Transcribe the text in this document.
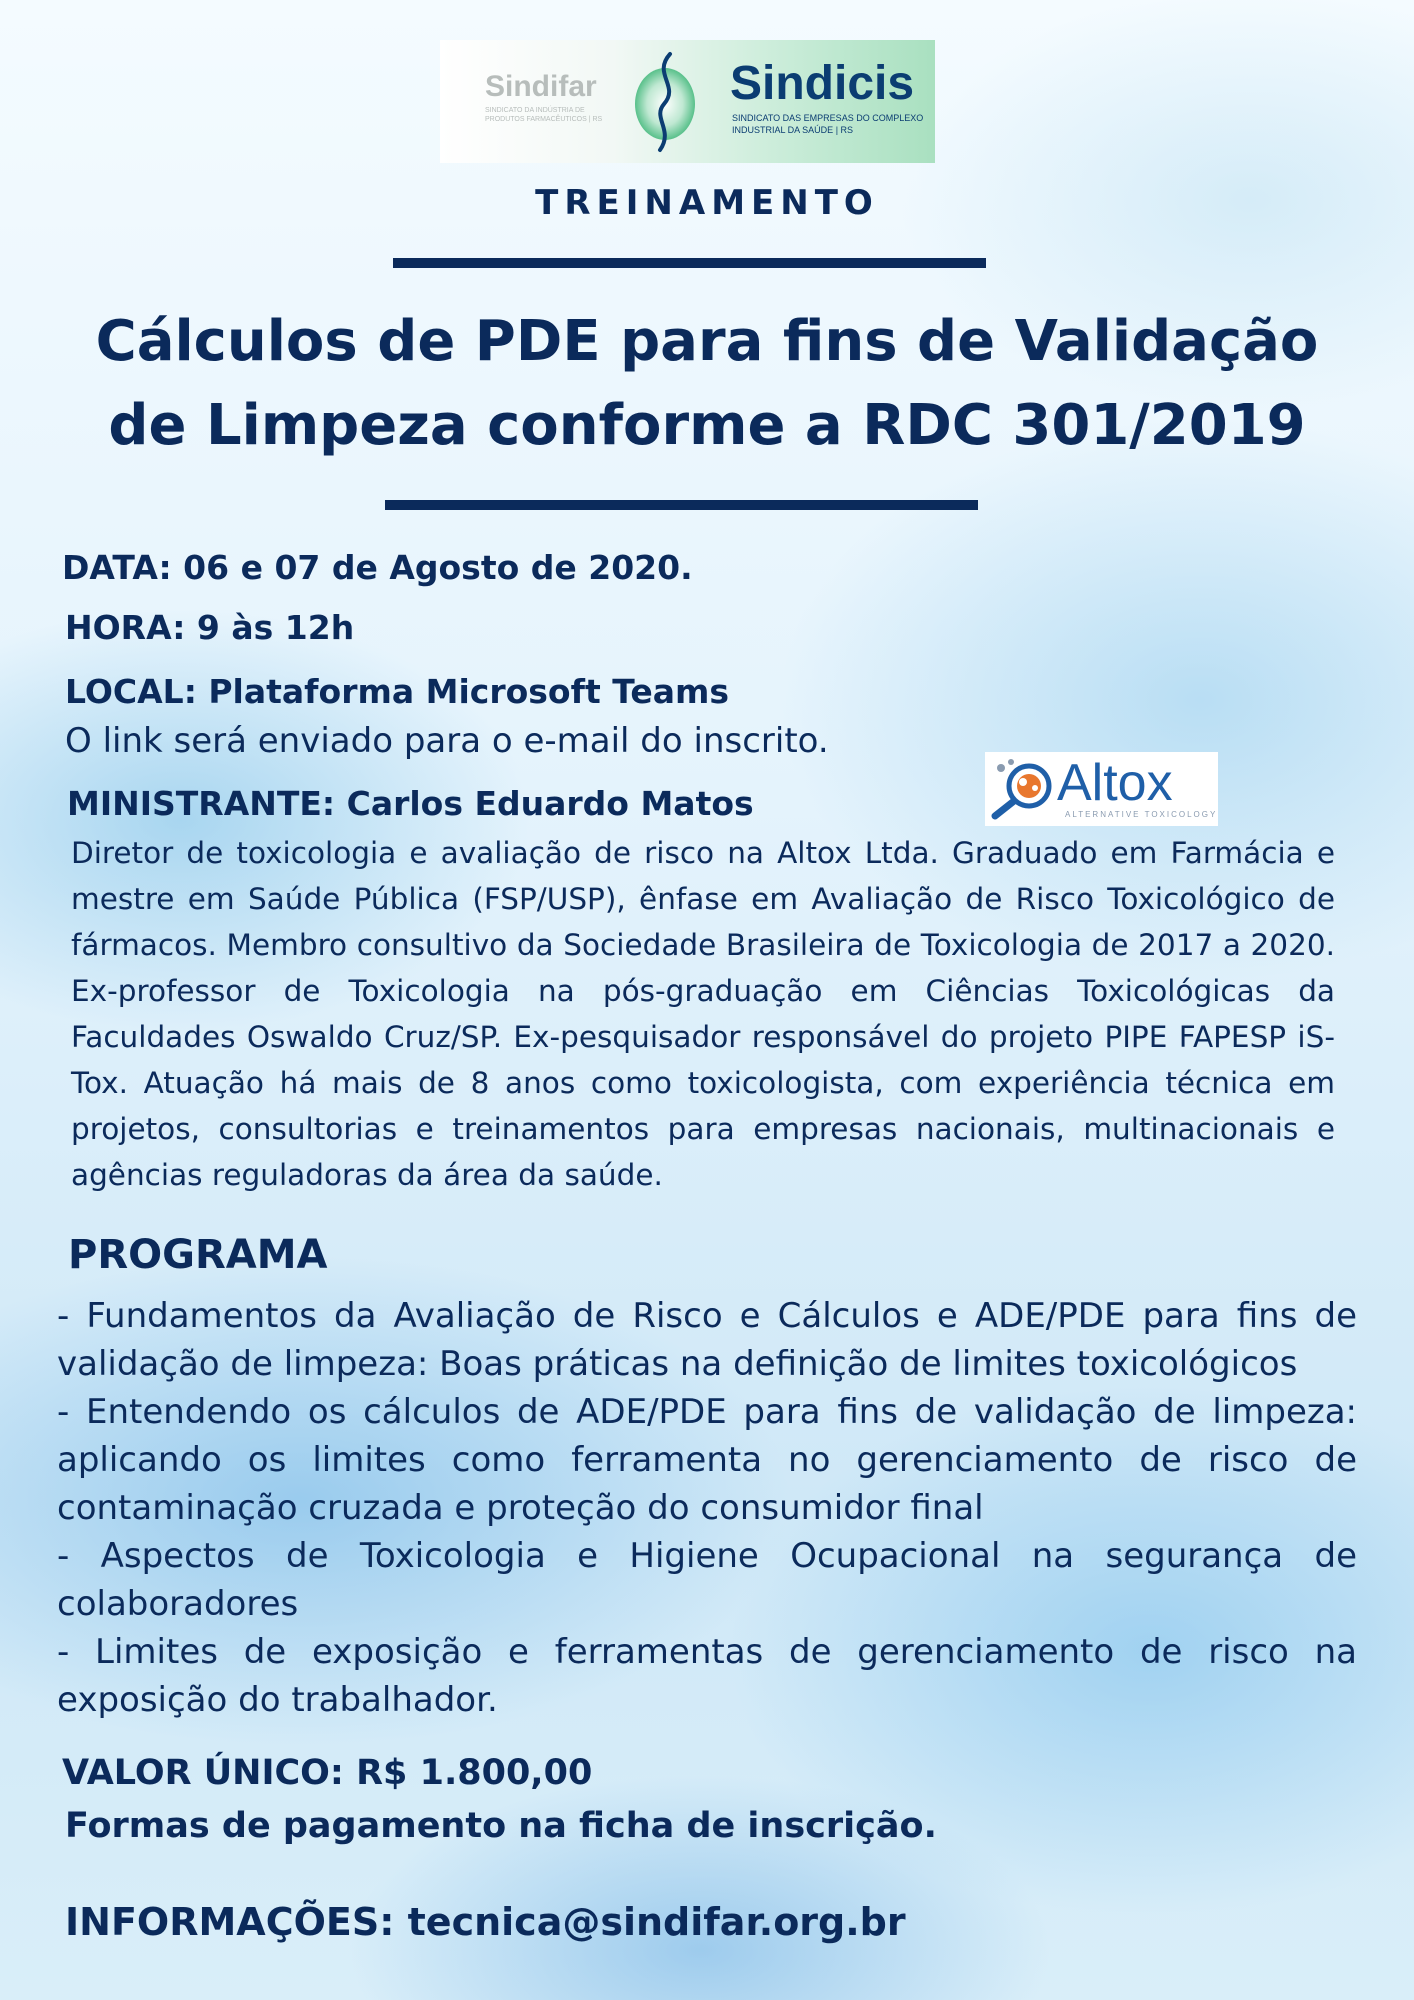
Sindifar
SINDICATO DA INDÚSTRIA DE PRODUTOS FARMACÊUTICOS | RS
Sindicis
SINDICATO DAS EMPRESAS DO COMPLEXO INDUSTRIAL DA SAÚDE | RS
TREINAMENTO
Cálculos de PDE para fins de Validação
de Limpeza conforme a RDC 301/2019

DATA: 06 e 07 de Agosto de 2020.

HORA: 9 às 12h

LOCAL: Plataforma Microsoft Teams

O link será enviado para o e-mail do inscrito.

MINISTRANTE: Carlos Eduardo Matos	Altox
ALTERNATIVE TOXICOLOGY

Diretor de toxicologia e avaliação de risco na Altox Ltda. Graduado em Farmácia e mestre em Saúde Pública (FSP/USP), ênfase em Avaliação de Risco Toxicológico de fármacos. Membro consultivo da Sociedade Brasileira de Toxicologia de 2017 a 2020. Ex-professor de Toxicologia na pós-graduação em Ciências Toxicológicas da Faculdades Oswaldo Cruz/SP. Ex-pesquisador responsável do projeto PIPE FAPESP iS-Tox. Atuação há mais de 8 anos como toxicologista, com experiência técnica em projetos, consultorias e treinamentos para empresas nacionais, multinacionais e agências reguladoras da área da saúde.

PROGRAMA
- Fundamentos da Avaliação de Risco e Cálculos e ADE/PDE para fins de validação de limpeza: Boas práticas na definição de limites toxicológicos
- Entendendo os cálculos de ADE/PDE para fins de validação de limpeza: aplicando os limites como ferramenta no gerenciamento de risco de contaminação cruzada e proteção do consumidor final
- Aspectos de Toxicologia e Higiene Ocupacional na segurança de colaboradores
- Limites de exposição e ferramentas de gerenciamento de risco na exposição do trabalhador.

VALOR ÚNICO: R$ 1.800,00

Formas de pagamento na ficha de inscrição.

INFORMAÇÕES: tecnica@sindifar.org.br
